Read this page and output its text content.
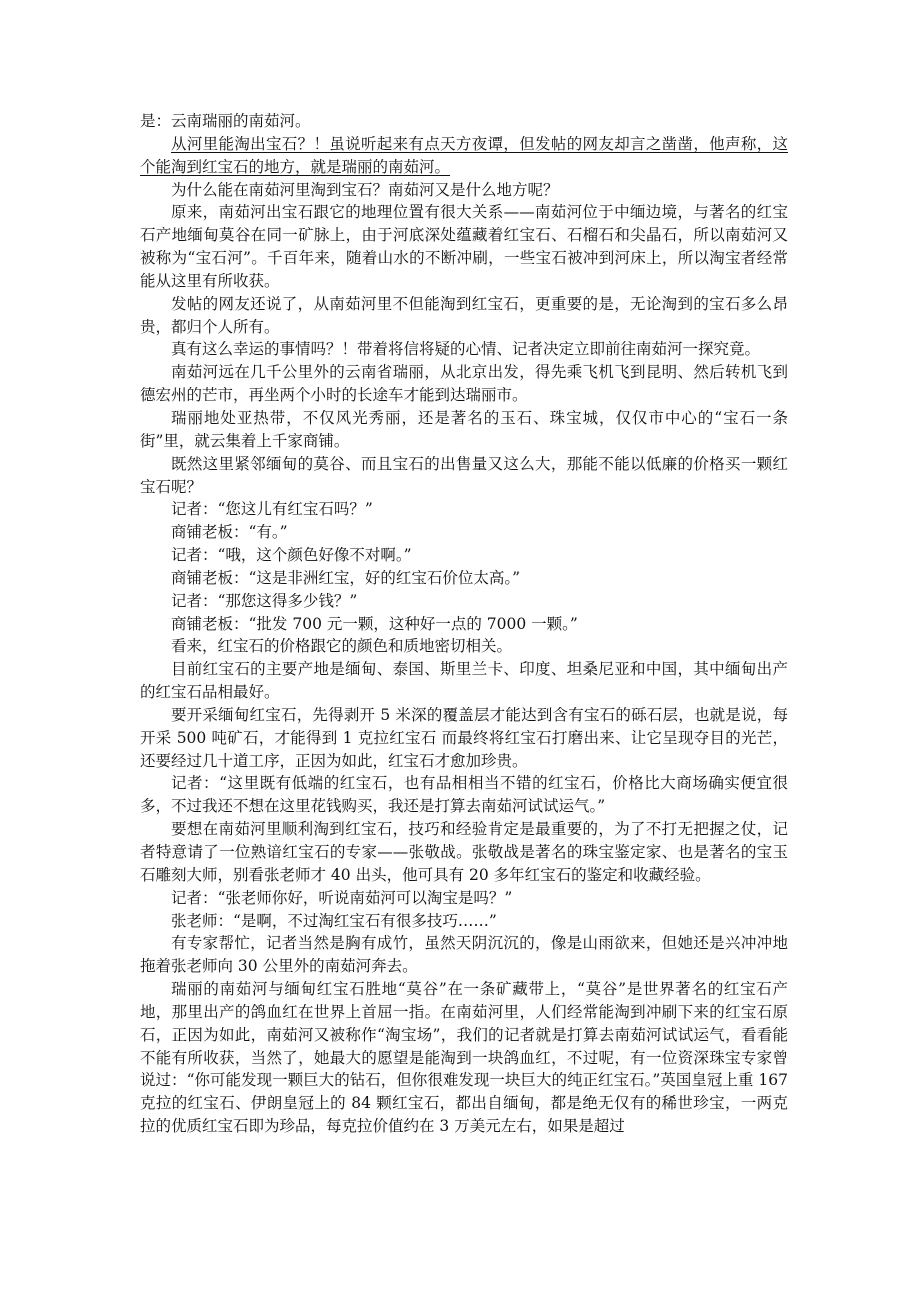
是：云南瑞丽的南茹河。

从河里能淘出宝石？！虽说听起来有点天方夜谭，但发帖的网友却言之凿凿，他声称，这个能淘到红宝石的地方，就是瑞丽的南茹河。

为什么能在南茹河里淘到宝石？南茹河又是什么地方呢？

原来，南茹河出宝石跟它的地理位置有很大关系——南茹河位于中缅边境，与著名的红宝石产地缅甸莫谷在同一矿脉上，由于河底深处蕴藏着红宝石、石榴石和尖晶石，所以南茹河又被称为“宝石河”。千百年来，随着山水的不断冲刷，一些宝石被冲到河床上，所以淘宝者经常能从这里有所收获。

发帖的网友还说了，从南茹河里不但能淘到红宝石，更重要的是，无论淘到的宝石多么昂贵，都归个人所有。

真有这么幸运的事情吗？！带着将信将疑的心情、记者决定立即前往南茹河一探究竟。

南茹河远在几千公里外的云南省瑞丽，从北京出发，得先乘飞机飞到昆明、然后转机飞到德宏州的芒市，再坐两个小时的长途车才能到达瑞丽市。

瑞丽地处亚热带，不仅风光秀丽，还是著名的玉石、珠宝城，仅仅市中心的“宝石一条街”里，就云集着上千家商铺。

既然这里紧邻缅甸的莫谷、而且宝石的出售量又这么大，那能不能以低廉的价格买一颗红宝石呢？

记者：“您这儿有红宝石吗？”

商铺老板：“有。”

记者：“哦，这个颜色好像不对啊。”

商铺老板：“这是非洲红宝，好的红宝石价位太高。”

记者：“那您这得多少钱？”

商铺老板：“批发 700 元一颗，这种好一点的 7000 一颗。”

看来，红宝石的价格跟它的颜色和质地密切相关。

目前红宝石的主要产地是缅甸、泰国、斯里兰卡、印度、坦桑尼亚和中国，其中缅甸出产的红宝石品相最好。

要开采缅甸红宝石，先得剥开 5 米深的覆盖层才能达到含有宝石的砾石层，也就是说，每开采 500 吨矿石，才能得到 1 克拉红宝石 而最终将红宝石打磨出来、让它呈现夺目的光芒，还要经过几十道工序，正因为如此，红宝石才愈加珍贵。

记者：“这里既有低端的红宝石，也有品相相当不错的红宝石，价格比大商场确实便宜很多，不过我还不想在这里花钱购买，我还是打算去南茹河试试运气。”

要想在南茹河里顺利淘到红宝石，技巧和经验肯定是最重要的，为了不打无把握之仗，记者特意请了一位熟谙红宝石的专家——张敬战。张敬战是著名的珠宝鉴定家、也是著名的宝玉石雕刻大师，别看张老师才 40 出头，他可具有 20 多年红宝石的鉴定和收藏经验。

记者：“张老师你好，听说南茹河可以淘宝是吗？”

张老师：“是啊，不过淘红宝石有很多技巧……”

有专家帮忙，记者当然是胸有成竹，虽然天阴沉沉的，像是山雨欲来，但她还是兴冲冲地拖着张老师向 30 公里外的南茹河奔去。

瑞丽的南茹河与缅甸红宝石胜地“莫谷”在一条矿藏带上，“莫谷”是世界著名的红宝石产地，那里出产的鸽血红在世界上首屈一指。在南茹河里，人们经常能淘到冲刷下来的红宝石原石，正因为如此，南茹河又被称作“淘宝场”，我们的记者就是打算去南茹河试试运气，看看能不能有所收获，当然了，她最大的愿望是能淘到一块鸽血红，不过呢，有一位资深珠宝专家曾说过：“你可能发现一颗巨大的钻石，但你很难发现一块巨大的纯正红宝石。”英国皇冠上重 167 克拉的红宝石、伊朗皇冠上的 84 颗红宝石，都出自缅甸，都是绝无仅有的稀世珍宝，一两克拉的优质红宝石即为珍品，每克拉价值约在 3 万美元左右，如果是超过
